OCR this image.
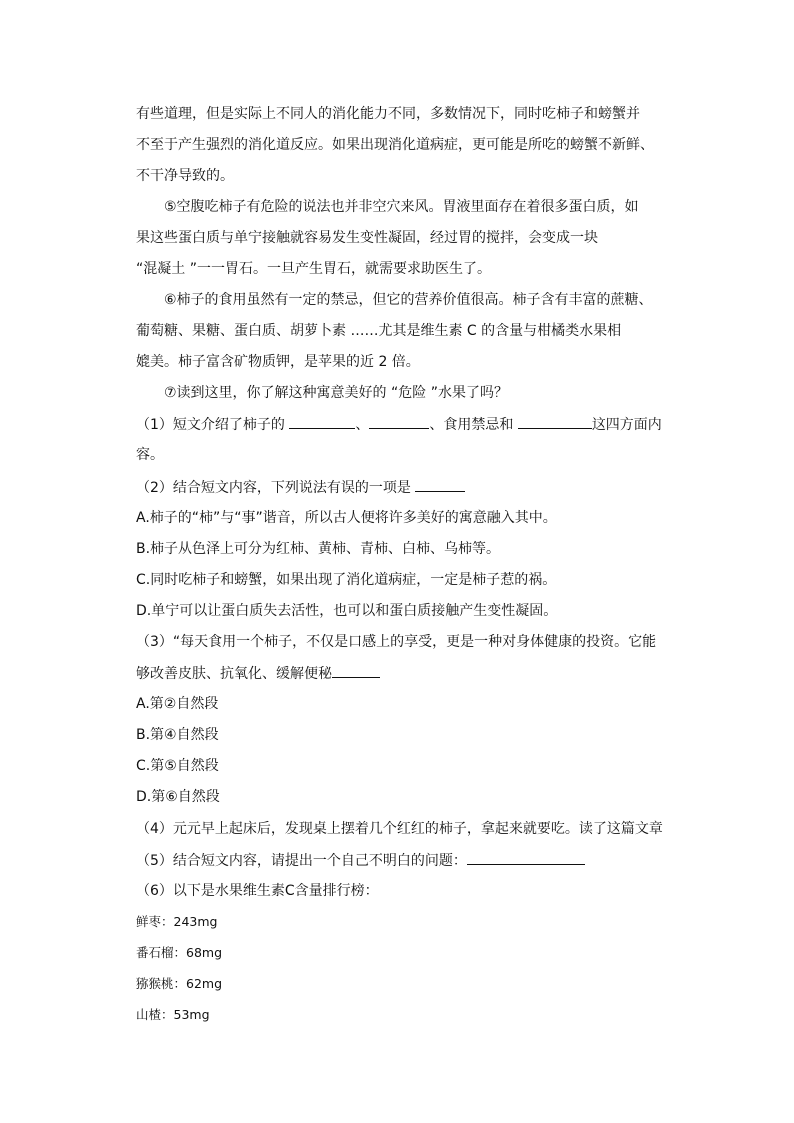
有些道理，但是实际上不同人的消化能力不同，多数情况下，同时吃柿子和螃蟹并
不至于产生强烈的消化道反应。如果出现消化道病症，更可能是所吃的螃蟹不新鲜、
不干净导致的。
⑤空腹吃柿子有危险的说法也并非空穴来风。胃液里面存在着很多蛋白质，如
果这些蛋白质与单宁接触就容易发生变性凝固，经过胃的搅拌，会变成一块
“混凝土 ”一一胃石。一旦产生胃石，就需要求助医生了。
⑥柿子的食用虽然有一定的禁忌，但它的营养价值很高。柿子含有丰富的蔗糖、
葡萄糖、果糖、蛋白质、胡萝卜素 ……尤其是维生素 C 的含量与柑橘类水果相
媲美。柿子富含矿物质钾，是苹果的近 2 倍。
⑦读到这里，你了解这种寓意美好的 “危险 ”水果了吗？
（1）短文介绍了柿子的	、	、食用禁忌和	这四方面内
容。
（2）结合短文内容，下列说法有误的一项是
A.柿子的“柿”与“事”谐音，所以古人便将许多美好的寓意融入其中。
B.柿子从色泽上可分为红柿、黄柿、青柿、白柿、乌柿等。
C.同时吃柿子和螃蟹，如果出现了消化道病症，一定是柿子惹的祸。
D.单宁可以让蛋白质失去活性，也可以和蛋白质接触产生变性凝固。
（3）“每天食用一个柿子，不仅是口感上的享受，更是一种对身体健康的投资。它能
够改善皮肤、抗氧化、缓解便秘
A.第②自然段
B.第④自然段
C.第⑤自然段
D.第⑥自然段
（4）元元早上起床后，发现桌上摆着几个红红的柿子，拿起来就要吃。读了这篇文章
（5）结合短文内容，请提出一个自己不明白的问题：
（6）以下是水果维生素C含量排行榜：
鲜枣：243mg
番石榴：68mg
猕猴桃：62mg
山楂：53mg
